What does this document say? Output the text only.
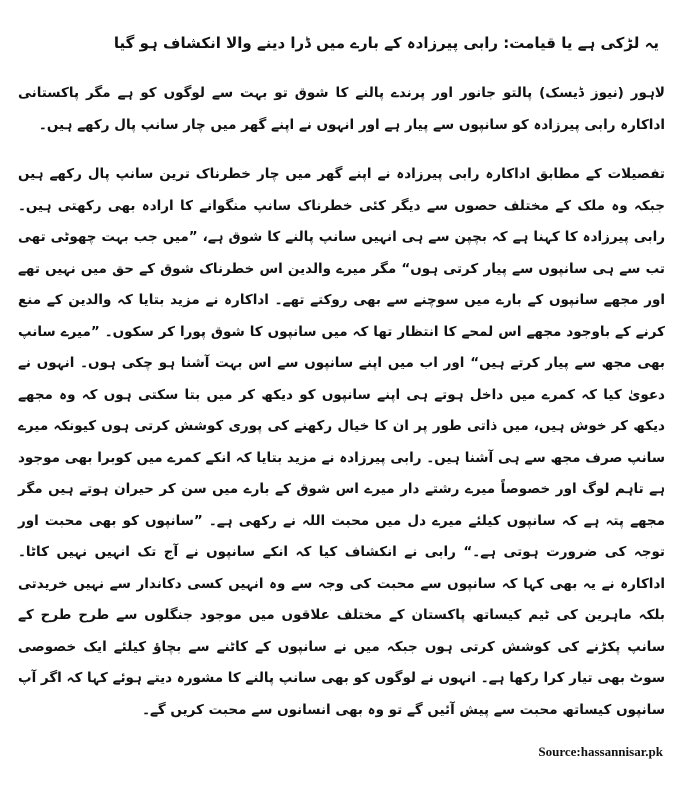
یہ لڑکی ہے یا قیامت: رابی پیرزادہ کے بارے میں ڈرا دینے والا انکشاف ہو گیا

لاہور (نیوز ڈیسک) پالتو جانور اور پرندے پالنے کا شوق تو بہت سے لوگوں کو ہے مگر پاکستانی اداکارہ رابی پیرزادہ کو سانپوں سے پیار ہے اور انہوں نے اپنے گھر میں چار سانپ پال رکھے ہیں۔

تفصیلات کے مطابق اداکارہ رابی پیرزادہ نے اپنے گھر میں چار خطرناک ترین سانپ پال رکھے ہیں جبکہ وہ ملک کے مختلف حصوں سے دیگر کئی خطرناک سانپ منگوانے کا ارادہ بھی رکھتی ہیں۔ رابی پیرزادہ کا کہنا ہے کہ بچپن سے ہی انہیں سانپ پالنے کا شوق ہے، ”میں جب بہت چھوٹی تھی تب سے ہی سانپوں سے پیار کرتی ہوں“ مگر میرے والدین اس خطرناک شوق کے حق میں نہیں تھے اور مجھے سانپوں کے بارے میں سوچنے سے بھی روکتے تھے۔ اداکارہ نے مزید بتایا کہ والدین کے منع کرنے کے باوجود مجھے اس لمحے کا انتظار تھا کہ میں سانپوں کا شوق پورا کر سکوں۔ ”میرے سانپ بھی مجھ سے پیار کرتے ہیں“ اور اب میں اپنے سانپوں سے اس بہت آشنا ہو چکی ہوں۔ انہوں نے دعویٰ کیا کہ کمرے میں داخل ہوتے ہی اپنے سانپوں کو دیکھ کر میں بتا سکتی ہوں کہ وہ مجھے دیکھ کر خوش ہیں، میں ذاتی طور پر ان کا خیال رکھنے کی پوری کوشش کرتی ہوں کیونکہ میرے سانپ صرف مجھ سے ہی آشنا ہیں۔ رابی پیرزادہ نے مزید بتایا کہ انکے کمرے میں کوبرا بھی موجود ہے تاہم لوگ اور خصوصاً میرے رشتے دار میرے اس شوق کے بارے میں سن کر حیران ہوتے ہیں مگر مجھے پتہ ہے کہ سانپوں کیلئے میرے دل میں محبت اللہ نے رکھی ہے۔ ”سانپوں کو بھی محبت اور توجہ کی ضرورت ہوتی ہے۔“ رابی نے انکشاف کیا کہ انکے سانپوں نے آج تک انہیں نہیں کاٹا۔ اداکارہ نے یہ بھی کہا کہ سانپوں سے محبت کی وجہ سے وہ انہیں کسی دکاندار سے نہیں خریدتی بلکہ ماہرین کی ٹیم کیساتھ پاکستان کے مختلف علاقوں میں موجود جنگلوں سے طرح طرح کے سانپ پکڑنے کی کوشش کرتی ہوں جبکہ میں نے سانپوں کے کاٹنے سے بچاؤ کیلئے ایک خصوصی سوٹ بھی تیار کرا رکھا ہے۔ انہوں نے لوگوں کو بھی سانپ پالنے کا مشورہ دیتے ہوئے کہا کہ اگر آپ سانپوں کیساتھ محبت سے پیش آئیں گے تو وہ بھی انسانوں سے محبت کریں گے۔

Source:hassannisar.pk
